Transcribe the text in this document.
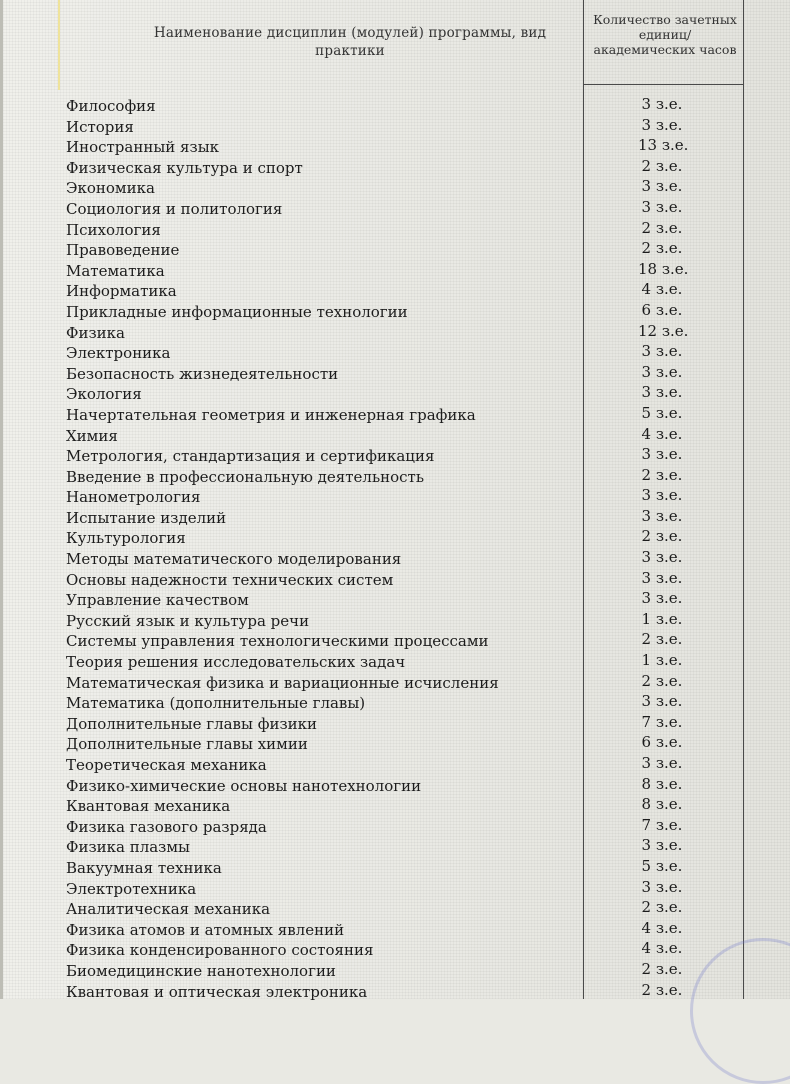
Наименование дисциплин (модулей) программы, вид практики
Количество зачетных единиц/ академических часов
Философия	3 з.е.
История	3 з.е.
Иностранный язык	13 з.е.
Физическая культура и спорт	2 з.е.
Экономика	3 з.е.
Социология и политология	3 з.е.
Психология	2 з.е.
Правоведение	2 з.е.
Математика	18 з.е.
Информатика	4 з.е.
Прикладные информационные технологии	6 з.е.
Физика	12 з.е.
Электроника	3 з.е.
Безопасность жизнедеятельности	3 з.е.
Экология	3 з.е.
Начертательная геометрия и инженерная графика	5 з.е.
Химия	4 з.е.
Метрология, стандартизация и сертификация	3 з.е.
Введение в профессиональную деятельность	2 з.е.
Нанометрология	3 з.е.
Испытание изделий	3 з.е.
Культурология	2 з.е.
Методы математического моделирования	3 з.е.
Основы надежности технических систем	3 з.е.
Управление качеством	3 з.е.
Русский язык и культура речи	1 з.е.
Системы управления технологическими процессами	2 з.е.
Теория решения исследовательских задач	1 з.е.
Математическая физика и вариационные исчисления	2 з.е.
Математика (дополнительные главы)	3 з.е.
Дополнительные главы физики	7 з.е.
Дополнительные главы химии	6 з.е.
Теоретическая механика	3 з.е.
Физико-химические основы нанотехнологии	8 з.е.
Квантовая механика	8 з.е.
Физика газового разряда	7 з.е.
Физика плазмы	3 з.е.
Вакуумная техника	5 з.е.
Электротехника	3 з.е.
Аналитическая механика	2 з.е.
Физика атомов и атомных явлений	4 з.е.
Физика конденсированного состояния	4 з.е.
Биомедицинские нанотехнологии	2 з.е.
Квантовая и оптическая электроника	2 з.е.
